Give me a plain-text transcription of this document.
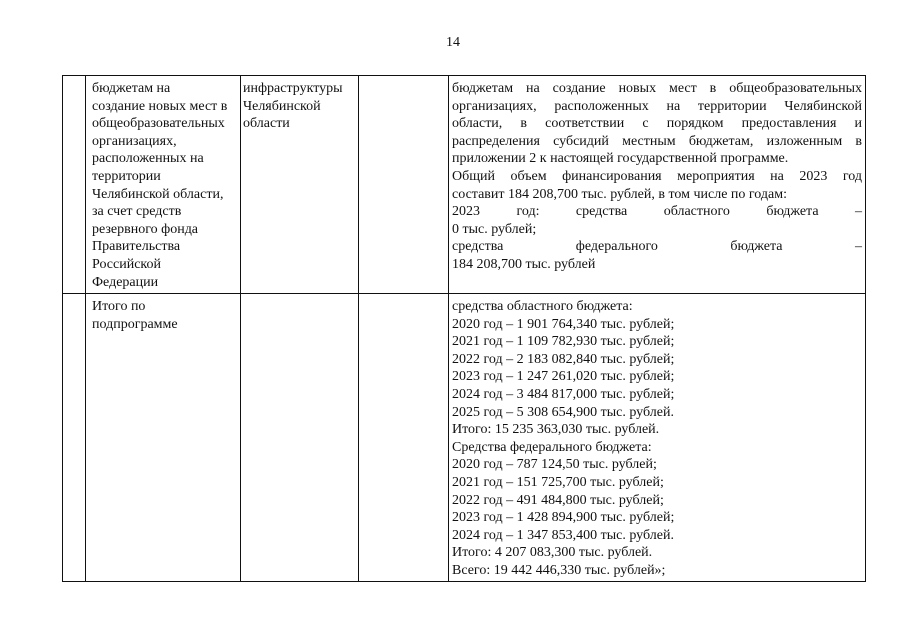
14
бюджетам на
создание новых мест в
общеобразовательных
организациях,
расположенных на
территории
Челябинской области,
за счет средств
резервного фонда
Правительства
Российской
Федерации
инфраструктуры
Челябинской
области
бюджетам на создание новых мест в общеобразовательных
организациях, расположенных на территории Челябинской
области, в соответствии с порядком предоставления и
распределения субсидий местным бюджетам, изложенным в
приложении 2 к настоящей государственной программе.
Общий объем финансирования мероприятия на 2023 год
составит 184 208,700 тыс. рублей, в том числе по годам:
2023 год: средства областного бюджета –
0 тыс. рублей;
средства федерального бюджета –
184 208,700 тыс. рублей
Итого по
подпрограмме
средства областного бюджета:
2020 год – 1 901 764,340 тыс. рублей;
2021 год – 1 109 782,930 тыс. рублей;
2022 год – 2 183 082,840 тыс. рублей;
2023 год – 1 247 261,020 тыс. рублей;
2024 год – 3 484 817,000 тыс. рублей;
2025 год – 5 308 654,900 тыс. рублей.
Итого: 15 235 363,030 тыс. рублей.
Средства федерального бюджета:
2020 год – 787 124,50 тыс. рублей;
2021 год – 151 725,700 тыс. рублей;
2022 год – 491 484,800 тыс. рублей;
2023 год – 1 428 894,900 тыс. рублей;
2024 год – 1 347 853,400 тыс. рублей.
Итого: 4 207 083,300 тыс. рублей.
Всего: 19 442 446,330 тыс. рублей»;
